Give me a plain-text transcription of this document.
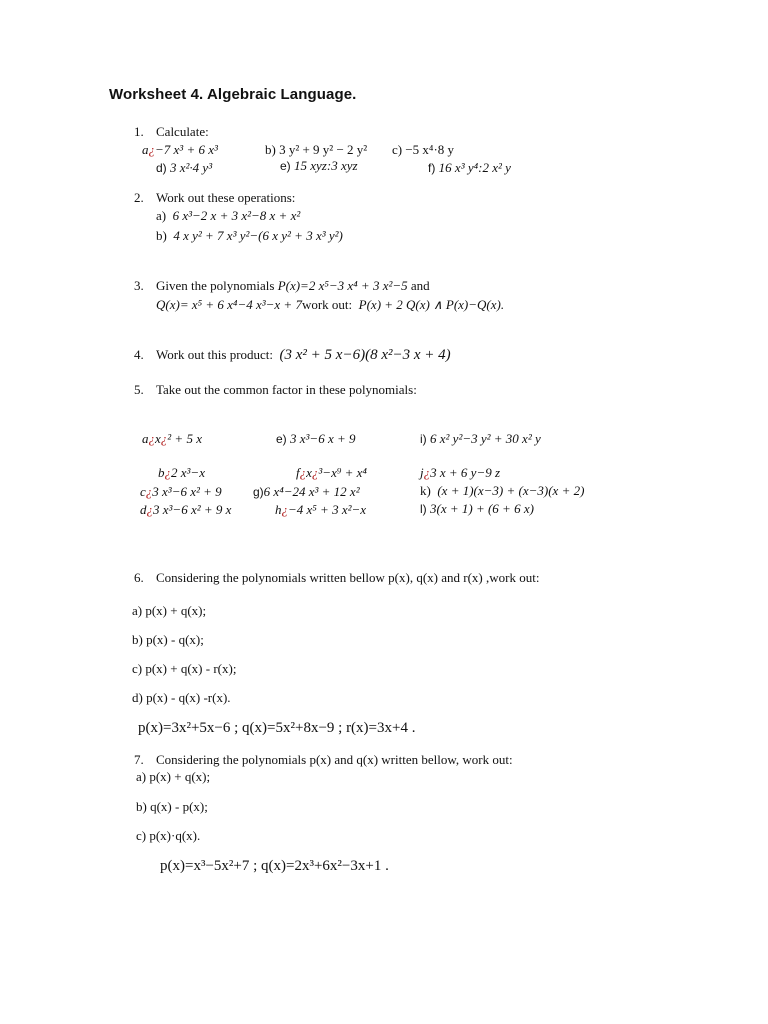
Worksheet 4. Algebraic Language.
1. Calculate:
a¿−7 x³ + 6 x³	b) 3 y² + 9 y² − 2 y² c) −5 x⁴·8 y
d) 3 x²·4 y³	e) 15 xyz:3 xyz	f) 16 x³ y⁴:2 x² y
2. Work out these operations:
a) 6 x³−2 x + 3 x²−8 x + x²
b) 4 x y² + 7 x³ y²−(6 x y² + 3 x³ y²)
3. Given the polynomials P(x)=2 x⁵−3 x⁴ + 3 x²−5 and
Q(x)= x⁵ + 6 x⁴−4 x³−x + 7work out: P(x) + 2 Q(x) ∧ P(x)−Q(x).
4. Work out this product: (3 x² + 5 x−6)(8 x²−3 x + 4)
5. Take out the common factor in these polynomials:
a¿x¿² + 5 x	e) 3 x³−6 x + 9	i) 6 x² y²−3 y² + 30 x² y
b¿2 x³−x	f¿x¿³−x⁹ + x⁴	j¿3 x + 6 y−9 z
c¿3 x³−6 x² + 9	g)6 x⁴−24 x³ + 12 x²	k) (x + 1)(x−3) + (x−3)(x + 2)
d¿3 x³−6 x² + 9 x	h¿−4 x⁵ + 3 x²−x	l) 3(x + 1) + (6 + 6 x)
6. Considering the polynomials written bellow p(x), q(x) and r(x) ,work out:
a) p(x) + q(x);
b) p(x) - q(x);
c) p(x) + q(x) - r(x);
d) p(x) - q(x) -r(x).
p(x)=3x²+5x−6 ; q(x)=5x²+8x−9 ; r(x)=3x+4 .
7. Considering the polynomials p(x) and q(x) written bellow, work out:
a) p(x) + q(x);
b) q(x) - p(x);
c) p(x)·q(x).
p(x)=x³−5x²+7 ; q(x)=2x³+6x²−3x+1 .
